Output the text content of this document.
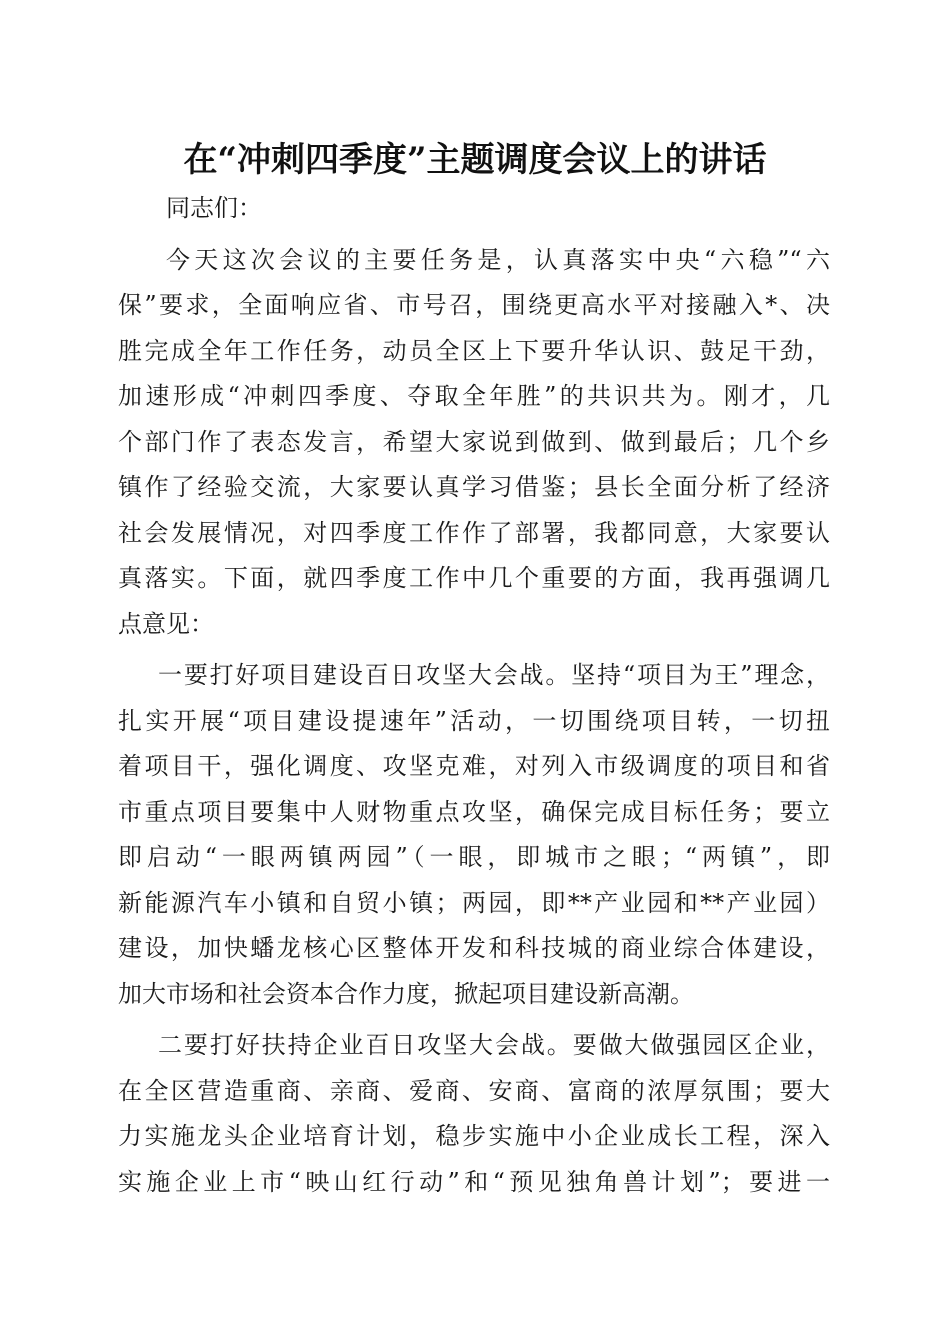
在“冲刺四季度”主题调度会议上的讲话
同志们：
今天这次会议的主要任务是，认真落实中央“六稳”“六
保”要求，全面响应省、市号召，围绕更高水平对接融入*、决
胜完成全年工作任务，动员全区上下要升华认识、鼓足干劲，
加速形成“冲刺四季度、夺取全年胜”的共识共为。刚才，几
个部门作了表态发言，希望大家说到做到、做到最后；几个乡
镇作了经验交流，大家要认真学习借鉴；县长全面分析了经济
社会发展情况，对四季度工作作了部署，我都同意，大家要认
真落实。下面，就四季度工作中几个重要的方面，我再强调几
点意见：
一要打好项目建设百日攻坚大会战。坚持“项目为王”理念，
扎实开展“项目建设提速年”活动，一切围绕项目转，一切扭
着项目干，强化调度、攻坚克难，对列入市级调度的项目和省
市重点项目要集中人财物重点攻坚，确保完成目标任务；要立
即启动“一眼两镇两园”（一眼，即城市之眼；“两镇”，即
新能源汽车小镇和自贸小镇；两园，即**产业园和**产业园）
建设，加快蟠龙核心区整体开发和科技城的商业综合体建设，
加大市场和社会资本合作力度，掀起项目建设新高潮。
二要打好扶持企业百日攻坚大会战。要做大做强园区企业，
在全区营造重商、亲商、爱商、安商、富商的浓厚氛围；要大
力实施龙头企业培育计划，稳步实施中小企业成长工程，深入
实施企业上市“映山红行动”和“预见独角兽计划”；要进一
